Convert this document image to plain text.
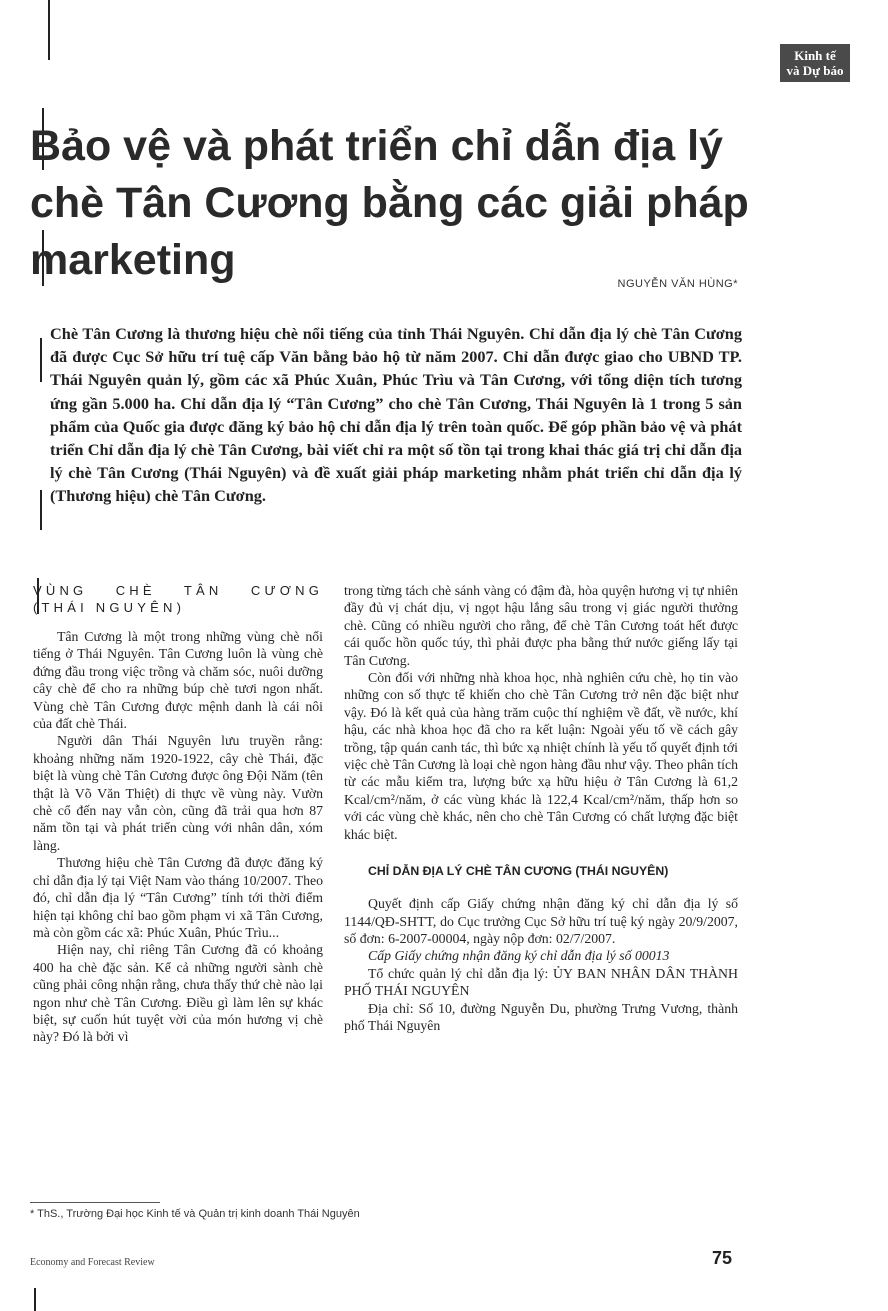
Kinh tế
và Dự báo
Bảo vệ và phát triển chỉ dẫn địa lý chè Tân Cương bằng các giải pháp marketing	NGUYỄN VĂN HÙNG*

Chè Tân Cương là thương hiệu chè nổi tiếng của tỉnh Thái Nguyên. Chỉ dẫn địa lý chè Tân Cương đã được Cục Sở hữu trí tuệ cấp Văn bằng bảo hộ từ năm 2007. Chỉ dẫn được giao cho UBND TP. Thái Nguyên quản lý, gồm các xã Phúc Xuân, Phúc Trìu và Tân Cương, với tổng diện tích tương ứng gần 5.000 ha. Chỉ dẫn địa lý “Tân Cương” cho chè Tân Cương, Thái Nguyên là 1 trong 5 sản phẩm của Quốc gia được đăng ký bảo hộ chỉ dẫn địa lý trên toàn quốc. Để góp phần bảo vệ và phát triển Chỉ dẫn địa lý chè Tân Cương, bài viết chỉ ra một số tồn tại trong khai thác giá trị chỉ dẫn địa lý chè Tân Cương (Thái Nguyên) và đề xuất giải pháp marketing nhằm phát triển chỉ dẫn địa lý (Thương hiệu) chè Tân Cương.

VÙNG CHÈ TÂN CƯƠNG (THÁI NGUYÊN)

Tân Cương là một trong những vùng chè nổi tiếng ở Thái Nguyên. Tân Cương luôn là vùng chè đứng đầu trong việc trồng và chăm sóc, nuôi dưỡng cây chè để cho ra những búp chè tươi ngon nhất. Vùng chè Tân Cương được mệnh danh là cái nôi của đất chè Thái.

Người dân Thái Nguyên lưu truyền rằng: khoảng những năm 1920-1922, cây chè Thái, đặc biệt là vùng chè Tân Cương được ông Đội Năm (tên thật là Võ Văn Thiệt) di thực về vùng này. Vườn chè cổ đến nay vẫn còn, cũng đã trải qua hơn 87 năm tồn tại và phát triển cùng với nhân dân, xóm làng.

Thương hiệu chè Tân Cương đã được đăng ký chỉ dẫn địa lý tại Việt Nam vào tháng 10/2007. Theo đó, chỉ dẫn địa lý “Tân Cương” tính tới thời điểm hiện tại không chỉ bao gồm phạm vi xã Tân Cương, mà còn gồm các xã: Phúc Xuân, Phúc Trìu...

Hiện nay, chỉ riêng Tân Cương đã có khoảng 400 ha chè đặc sản. Kể cả những người sành chè cũng phải công nhận rằng, chưa thấy thứ chè nào lại ngon như chè Tân Cương. Điều gì làm lên sự khác biệt, sự cuốn hút tuyệt vời của món hương vị chè này? Đó là bởi vì

trong từng tách chè sánh vàng có đậm đà, hòa quyện hương vị tự nhiên đầy đủ vị chát dịu, vị ngọt hậu lắng sâu trong vị giác người thưởng chè. Cũng có nhiều người cho rằng, để chè Tân Cương toát hết được cái quốc hồn quốc túy, thì phải được pha bằng thứ nước giếng lấy tại Tân Cương.

Còn đối với những nhà khoa học, nhà nghiên cứu chè, họ tin vào những con số thực tế khiến cho chè Tân Cương trở nên đặc biệt như vậy. Đó là kết quả của hàng trăm cuộc thí nghiệm về đất, về nước, khí hậu, các nhà khoa học đã cho ra kết luận: Ngoài yếu tố về cách gây trồng, tập quán canh tác, thì bức xạ nhiệt chính là yếu tố quyết định tới việc chè Tân Cương là loại chè ngon hàng đầu như vậy. Theo phân tích từ các mẫu kiểm tra, lượng bức xạ hữu hiệu ở Tân Cương là 61,2 Kcal/cm²/năm, ở các vùng khác là 122,4 Kcal/cm²/năm, thấp hơn so với các vùng chè khác, nên cho chè Tân Cương có chất lượng đặc biệt khác biệt.

CHỈ DẪN ĐỊA LÝ CHÈ TÂN CƯƠNG (THÁI NGUYÊN)

Quyết định cấp Giấy chứng nhận đăng ký chỉ dẫn địa lý số 1144/QĐ-SHTT, do Cục trưởng Cục Sở hữu trí tuệ ký ngày 20/9/2007, số đơn: 6-2007-00004, ngày nộp đơn: 02/7/2007.

Cấp Giấy chứng nhận đăng ký chỉ dẫn địa lý số 00013

Tổ chức quản lý chỉ dẫn địa lý: ỦY BAN NHÂN DÂN THÀNH PHỐ THÁI NGUYÊN

Địa chỉ: Số 10, đường Nguyễn Du, phường Trưng Vương, thành phố Thái Nguyên

* ThS., Trường Đại học Kinh tế và Quản trị kinh doanh Thái Nguyên
Economy and Forecast Review	75
